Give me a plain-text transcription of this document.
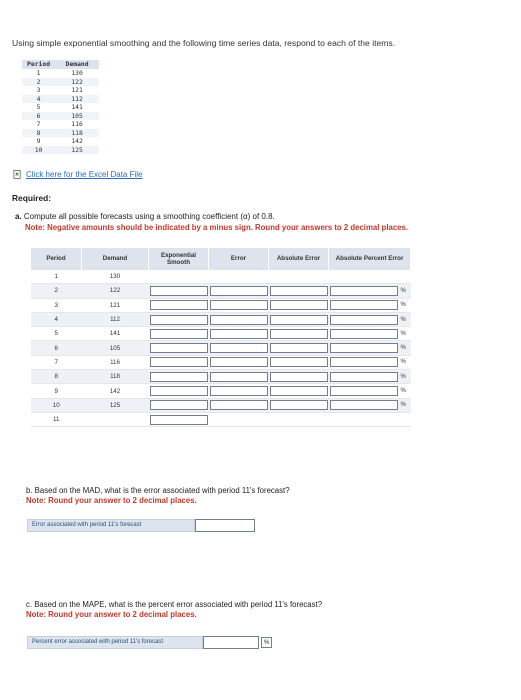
Using simple exponential smoothing and the following time series data, respond to each of the items.
Period	Demand
1	130
2	122
3	121
4	112
5	141
6	105
7	116
8	118
9	142
10	125
Click here for the Excel Data File
Required:
a. Compute all possible forecasts using a smoothing coefficient (α) of 0.8.
Note: Negative amounts should be indicated by a minus sign. Round your answers to 2 decimal places.
Period	Demand	Exponential Smooth	Error	Absolute Error	Absolute Percent Error
1	130				
2	122				%

3	121				%

4	112				%

5	141				%

6	105				%

7	116				%

8	118				%

9	142				%

10	125				%

11		

b. Based on the MAD, what is the error associated with period 11's forecast?
Note: Round your answer to 2 decimal places.
Error associated with period 11's forecast
c. Based on the MAPE, what is the percent error associated with period 11's forecast?
Note: Round your answer to 2 decimal places.
Percent error associated with period 11's forecast	%
